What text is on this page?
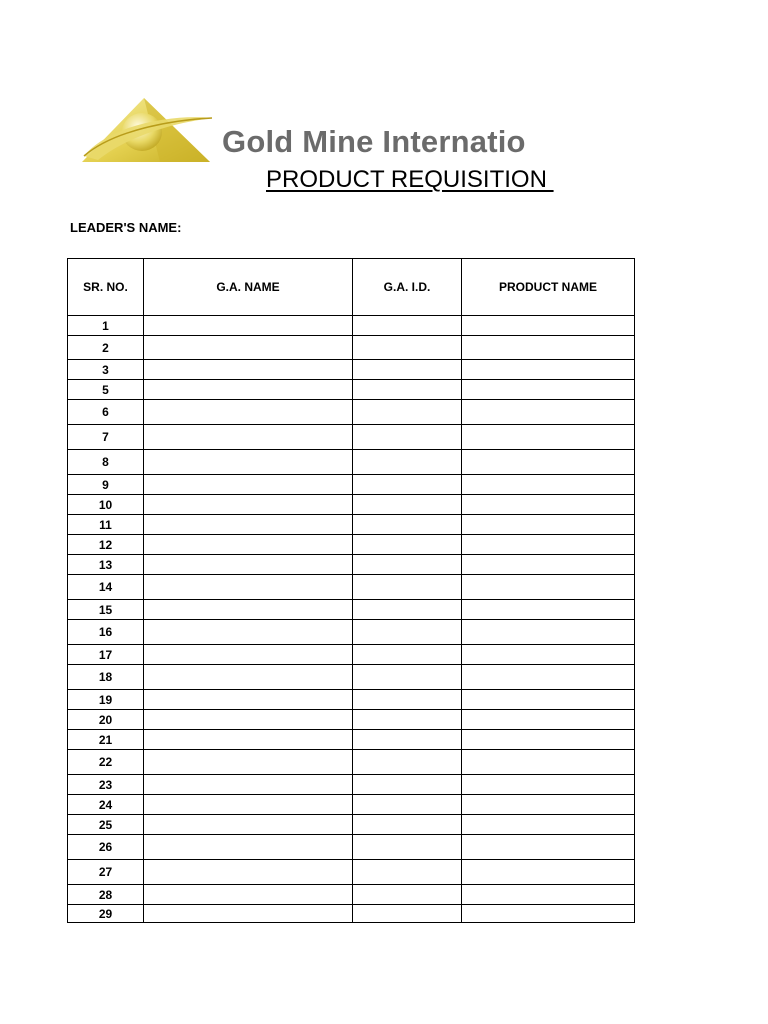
Gold Mine Internatio
PRODUCT REQUISITION
LEADER'S NAME:
SR. NO.	G.A. NAME	G.A. I.D.	PRODUCT NAME
1			
2			
3			
5			
6			
7			
8			
9			
10			
11			
12			
13			
14			
15			
16			
17			
18			
19			
20			
21			
22			
23			
24			
25			
26			
27			
28			
29			
